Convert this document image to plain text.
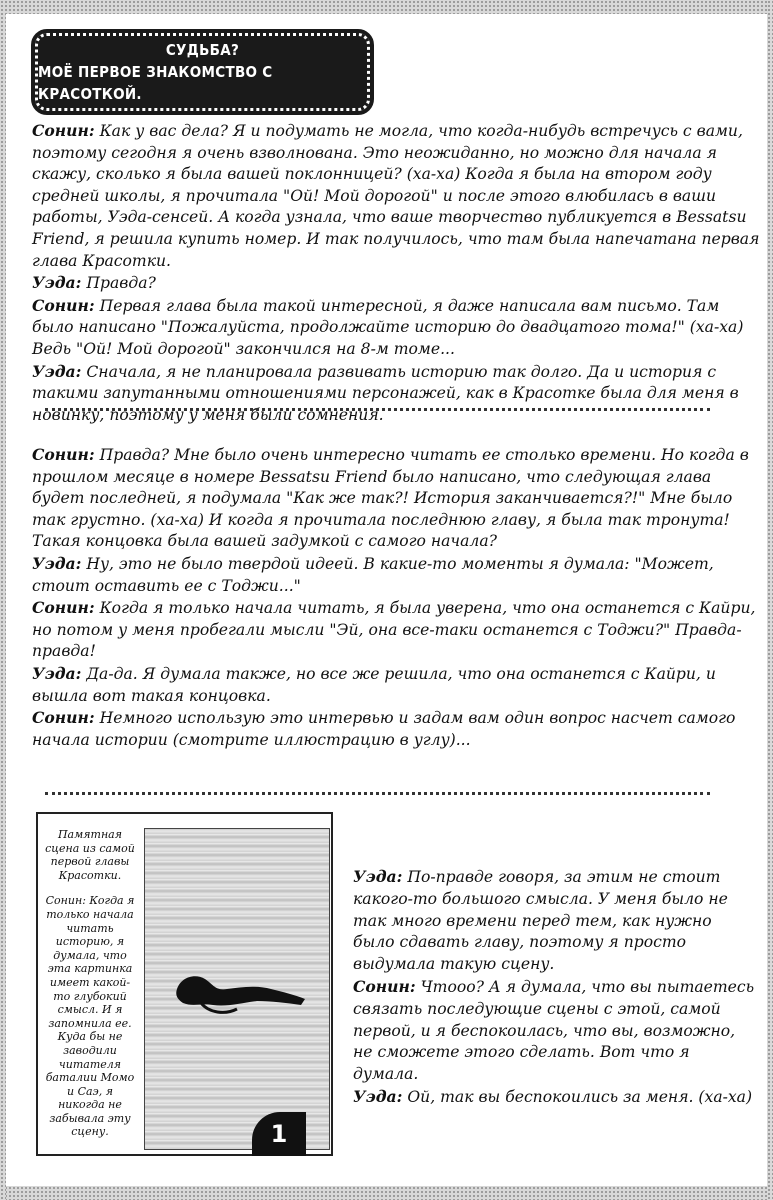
СУДЬБА?
МОЁ ПЕРВОЕ ЗНАКОМСТВО С КРАСОТКОЙ.

Сонин: Как у вас дела? Я и подумать не могла, что когда-нибудь встречусь с вами, поэтому сегодня я очень взволнована. Это неожиданно, но можно для начала я скажу, сколько я была вашей поклонницей? (ха-ха) Когда я была на втором году средней школы, я прочитала "Ой! Мой дорогой" и после этого влюбилась в ваши работы, Уэда-сенсей. А когда узнала, что ваше творчество публикуется в Bessatsu Friend, я решила купить номер. И так получилось, что там была напечатана первая глава Красотки.

Уэда: Правда?

Сонин: Первая глава была такой интересной, я даже написала вам письмо. Там было написано "Пожалуйста, продолжайте историю до двадцатого тома!" (ха-ха) Ведь "Ой! Мой дорогой" закончился на 8-м томе...

Уэда: Сначала, я не планировала развивать историю так долго. Да и история с такими запутанными отношениями персонажей, как в Красотке была для меня в новинку, поэтому у меня были сомнения.

Сонин: Правда? Мне было очень интересно читать ее столько времени. Но когда в прошлом месяце в номере Bessatsu Friend было написано, что следующая глава будет последней, я подумала "Как же так?! История заканчивается?!" Мне было так грустно. (ха-ха) И когда я прочитала последнюю главу, я была так тронута! Такая концовка была вашей задумкой с самого начала?

Уэда: Ну, это не было твердой идеей. В какие-то моменты я думала: "Может, стоит оставить ее с Тоджи..."

Сонин: Когда я только начала читать, я была уверена, что она останется с Кайри, но потом у меня пробегали мысли "Эй, она все-таки останется с Тоджи?" Правда-правда!

Уэда: Да-да. Я думала также, но все же решила, что она останется с Кайри, и вышла вот такая концовка.

Сонин: Немного использую это интервью и задам вам один вопрос насчет самого начала истории (смотрите иллюстрацию в углу)...

Памятная сцена из самой первой главы Красотки.

Сонин: Когда я только начала читать историю, я думала, что эта картинка имеет какой-то глубокий смысл. И я запомнила ее. Куда бы не заводили читателя баталии Момо и Саэ, я никогда не забывала эту сцену.	1

Уэда: По-правде говоря, за этим не стоит какого-то большого смысла. У меня было не так много времени перед тем, как нужно было сдавать главу, поэтому я просто выдумала такую сцену.

Сонин: Чтооо? А я думала, что вы пытаетесь связать последующие сцены с этой, самой первой, и я беспокоилась, что вы, возможно, не сможете этого сделать. Вот что я думала.

Уэда: Ой, так вы беспокоились за меня. (ха-ха)
